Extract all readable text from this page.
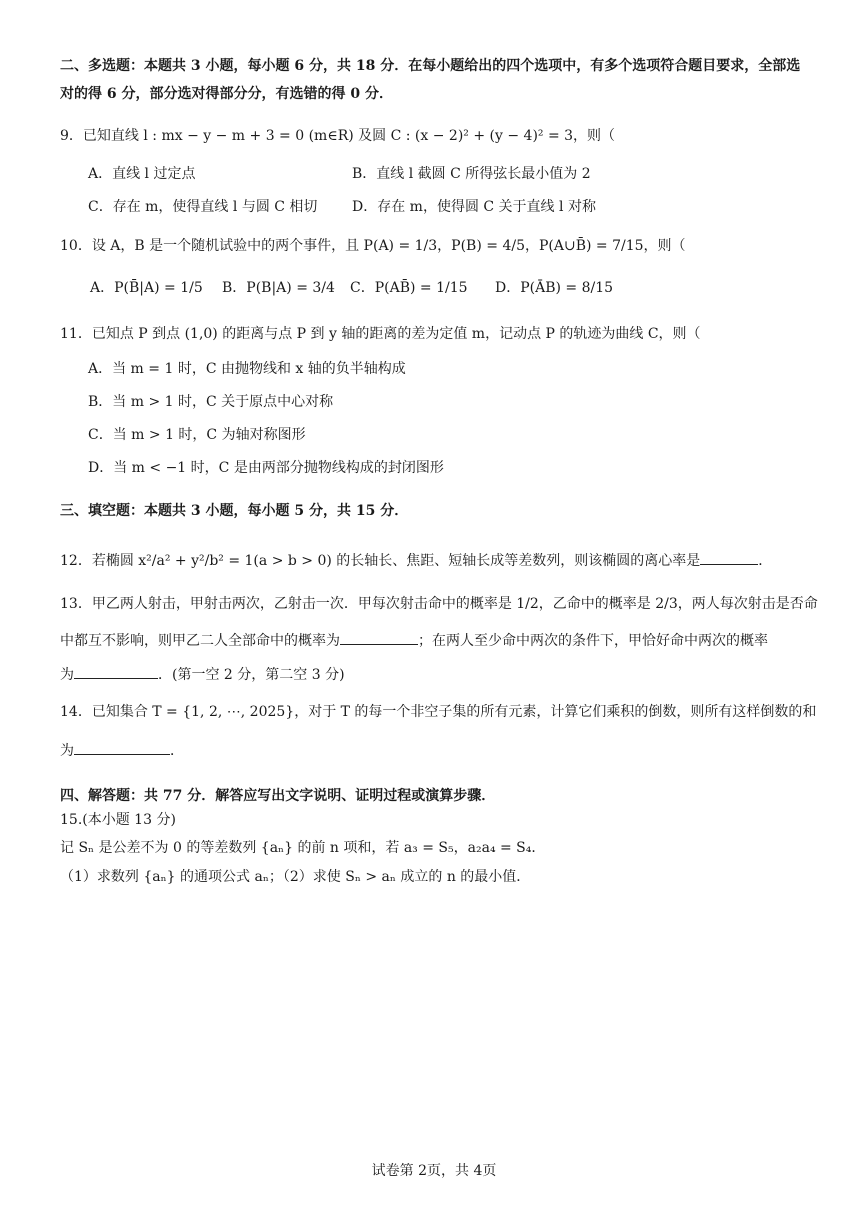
二、多选题：本题共 3 小题，每小题 6 分，共 18 分．在每小题给出的四个选项中，有多个选项符合题目要求，全部选
对的得 6 分，部分选对得部分分，有选错的得 0 分．
9．已知直线 l : mx − y − m + 3 = 0 (m∈R) 及圆 C : (x − 2)² + (y − 4)² = 3，则（
A．直线 l 过定点	B．直线 l 截圆 C 所得弦长最小值为 2
C．存在 m，使得直线 l 与圆 C 相切 D．存在 m，使得圆 C 关于直线 l 对称
10．设 A，B 是一个随机试验中的两个事件，且 P(A) = 1/3，P(B) = 4/5，P(A∪B̄) = 7/15，则（
A．P(B̄|A) = 1/5 B．P(B|A) = 3/4 C．P(AB̄) = 1/15 D．P(ĀB) = 8/15
11．已知点 P 到点 (1,0) 的距离与点 P 到 y 轴的距离的差为定值 m，记动点 P 的轨迹为曲线 C，则（
A．当 m = 1 时，C 由抛物线和 x 轴的负半轴构成
B．当 m > 1 时，C 关于原点中心对称
C．当 m > 1 时，C 为轴对称图形
D．当 m < −1 时，C 是由两部分抛物线构成的封闭图形
三、填空题：本题共 3 小题，每小题 5 分，共 15 分．
12．若椭圆 x²/a² + y²/b² = 1(a > b > 0) 的长轴长、焦距、短轴长成等差数列，则该椭圆的离心率是	．
13．甲乙两人射击，甲射击两次，乙射击一次．甲每次射击命中的概率是 1/2，乙命中的概率是 2/3，两人每次射击是否命
中都互不影响，则甲乙二人全部命中的概率为	；在两人至少命中两次的条件下，甲恰好命中两次的概率
为	．(第一空 2 分，第二空 3 分)
14．已知集合 T = {1, 2, ⋯, 2025}，对于 T 的每一个非空子集的所有元素，计算它们乘积的倒数，则所有这样倒数的和
为	．
四、解答题：共 77 分．解答应写出文字说明、证明过程或演算步骤．
15.(本小题 13 分)
记 Sₙ 是公差不为 0 的等差数列 {aₙ} 的前 n 项和，若 a₃ = S₅，a₂a₄ = S₄．
（1）求数列 {aₙ} 的通项公式 aₙ；（2）求使 Sₙ > aₙ 成立的 n 的最小值．
试卷第 2页，共 4页
